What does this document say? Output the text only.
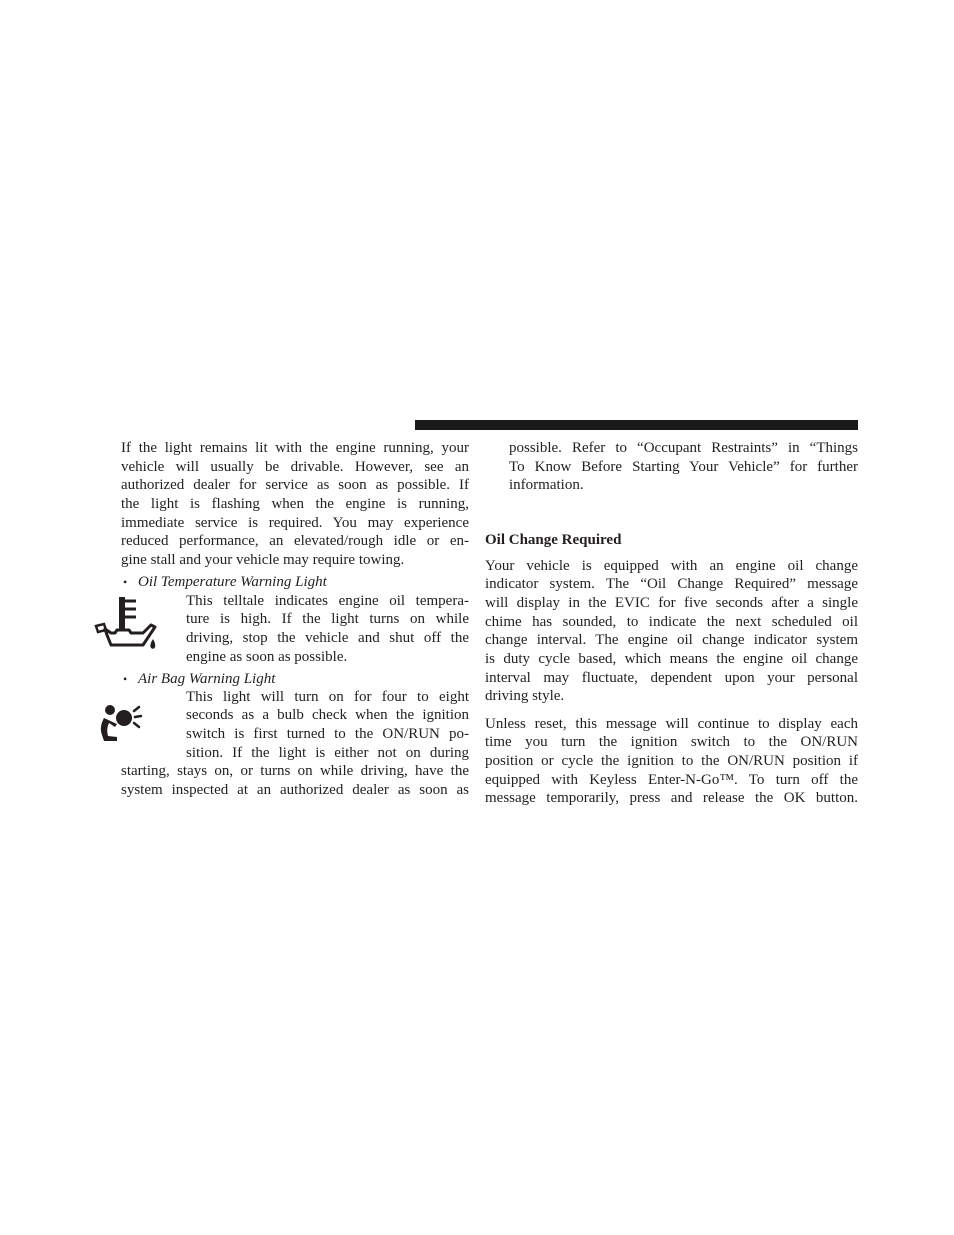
If the light remains lit with the engine running, your
vehicle will usually be drivable. However, see an
authorized dealer for service as soon as possible. If
the light is flashing when the engine is running,
immediate service is required. You may experience
reduced performance, an elevated/rough idle or en-
gine stall and your vehicle may require towing.
• Oil Temperature Warning Light
This telltale indicates engine oil tempera-
ture is high. If the light turns on while
driving, stop the vehicle and shut off the
engine as soon as possible.
• Air Bag Warning Light
This light will turn on for four to eight
seconds as a bulb check when the ignition
switch is first turned to the ON/RUN po-
sition. If the light is either not on during
starting, stays on, or turns on while driving, have the
system inspected at an authorized dealer as soon as
possible. Refer to “Occupant Restraints” in “Things
To Know Before Starting Your Vehicle” for further
information.
Oil Change Required
Your vehicle is equipped with an engine oil change
indicator system. The “Oil Change Required” message
will display in the EVIC for five seconds after a single
chime has sounded, to indicate the next scheduled oil
change interval. The engine oil change indicator system
is duty cycle based, which means the engine oil change
interval may fluctuate, dependent upon your personal
driving style.
Unless reset, this message will continue to display each
time you turn the ignition switch to the ON/RUN
position or cycle the ignition to the ON/RUN position if
equipped with Keyless Enter-N-Go™. To turn off the
message temporarily, press and release the OK button.
